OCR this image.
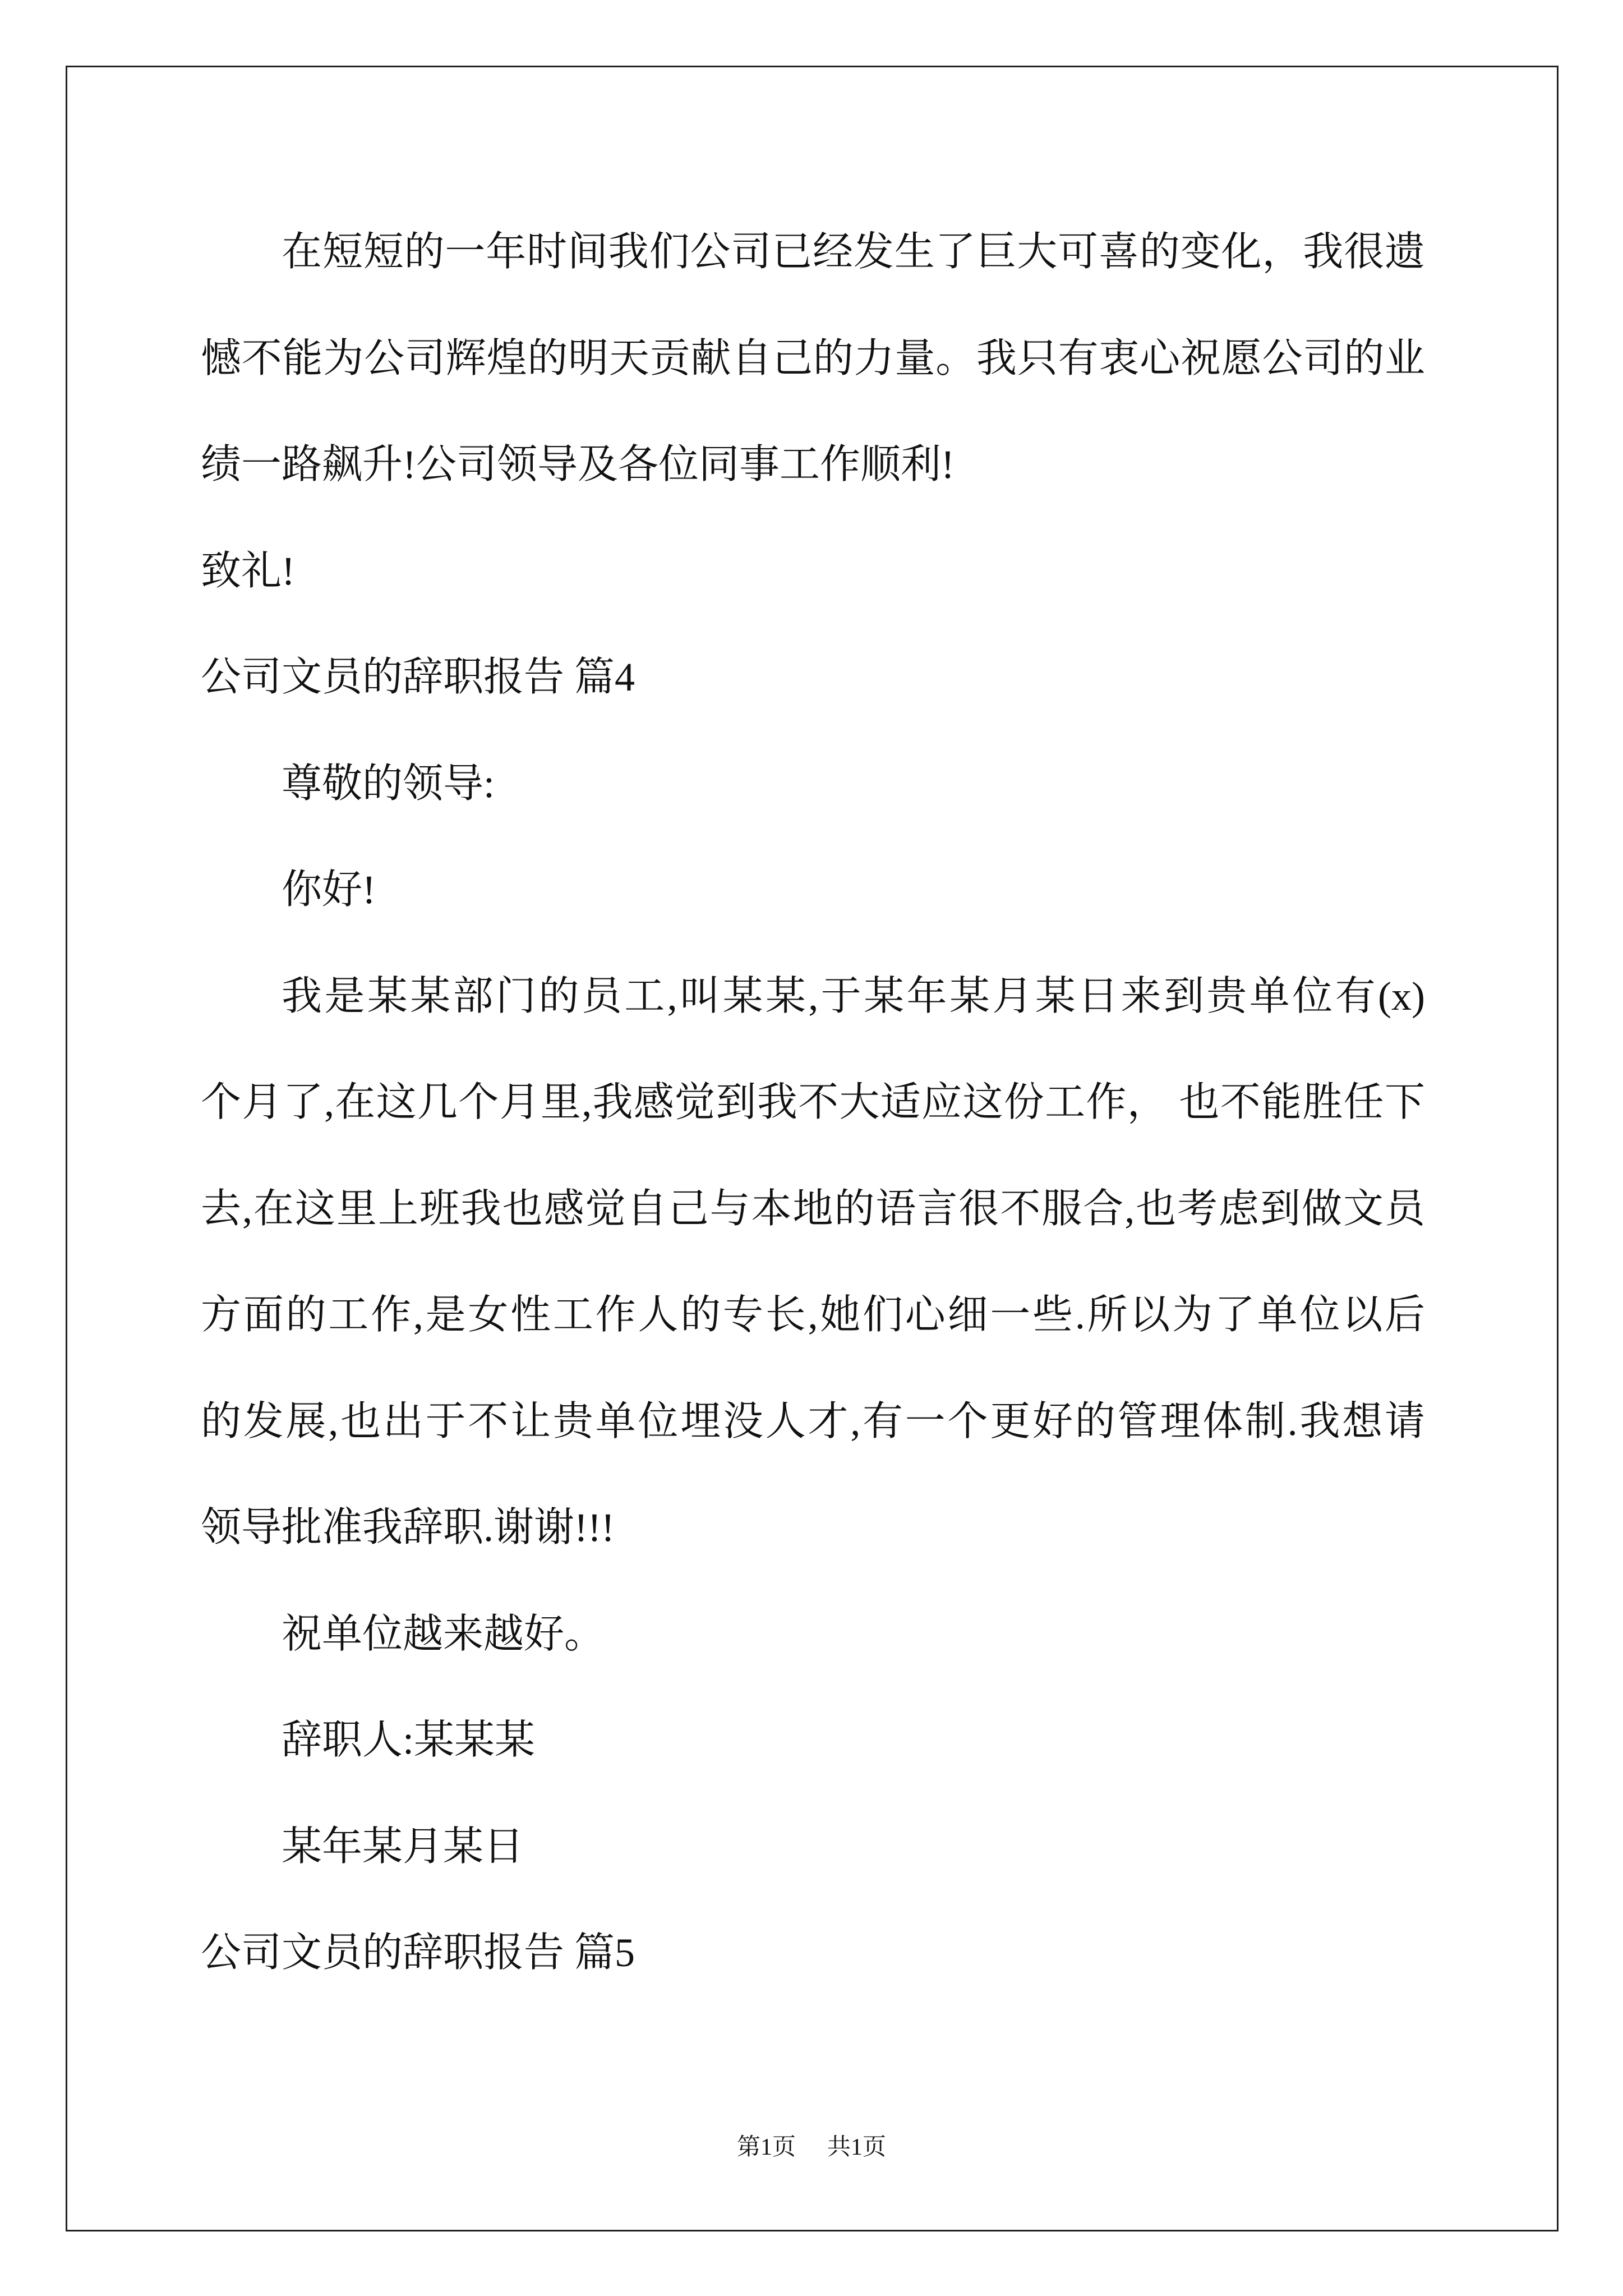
在短短的一年时间我们公司已经发生了巨大可喜的变化，我很遗
憾不能为公司辉煌的明天贡献自己的力量。我只有衷心祝愿公司的业
绩一路飙升!公司领导及各位同事工作顺利!
致礼!
公司文员的辞职报告 篇4
尊敬的领导:
你好!
我是某某部门的员工,叫某某,于某年某月某日来到贵单位有(x)
个月了,在这几个月里,我感觉到我不大适应这份工作， 也不能胜任下
去,在这里上班我也感觉自己与本地的语言很不服合,也考虑到做文员
方面的工作,是女性工作人的专长,她们心细一些.所以为了单位以后
的发展,也出于不让贵单位埋没人才,有一个更好的管理体制.我想请
领导批准我辞职.谢谢!!!
祝单位越来越好。
辞职人:某某某
某年某月某日
公司文员的辞职报告 篇5
第1页 共1页
